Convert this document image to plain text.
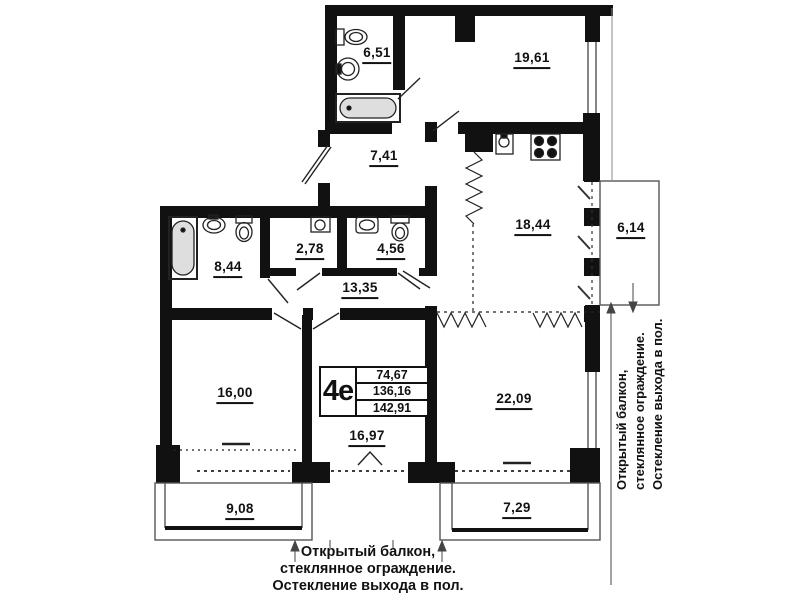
6,51	19,61
7,41
18,44	6,14
8,44
2,78	4,56
13,35
16,00
16,97
22,09
9,08	7,29
4е
74,67
136,16
142,91
Открытый балкон,
стеклянное ограждение.
Остекление выхода в пол.
Открытый балкон, стеклянное ограждение. Остекление выхода в пол.
